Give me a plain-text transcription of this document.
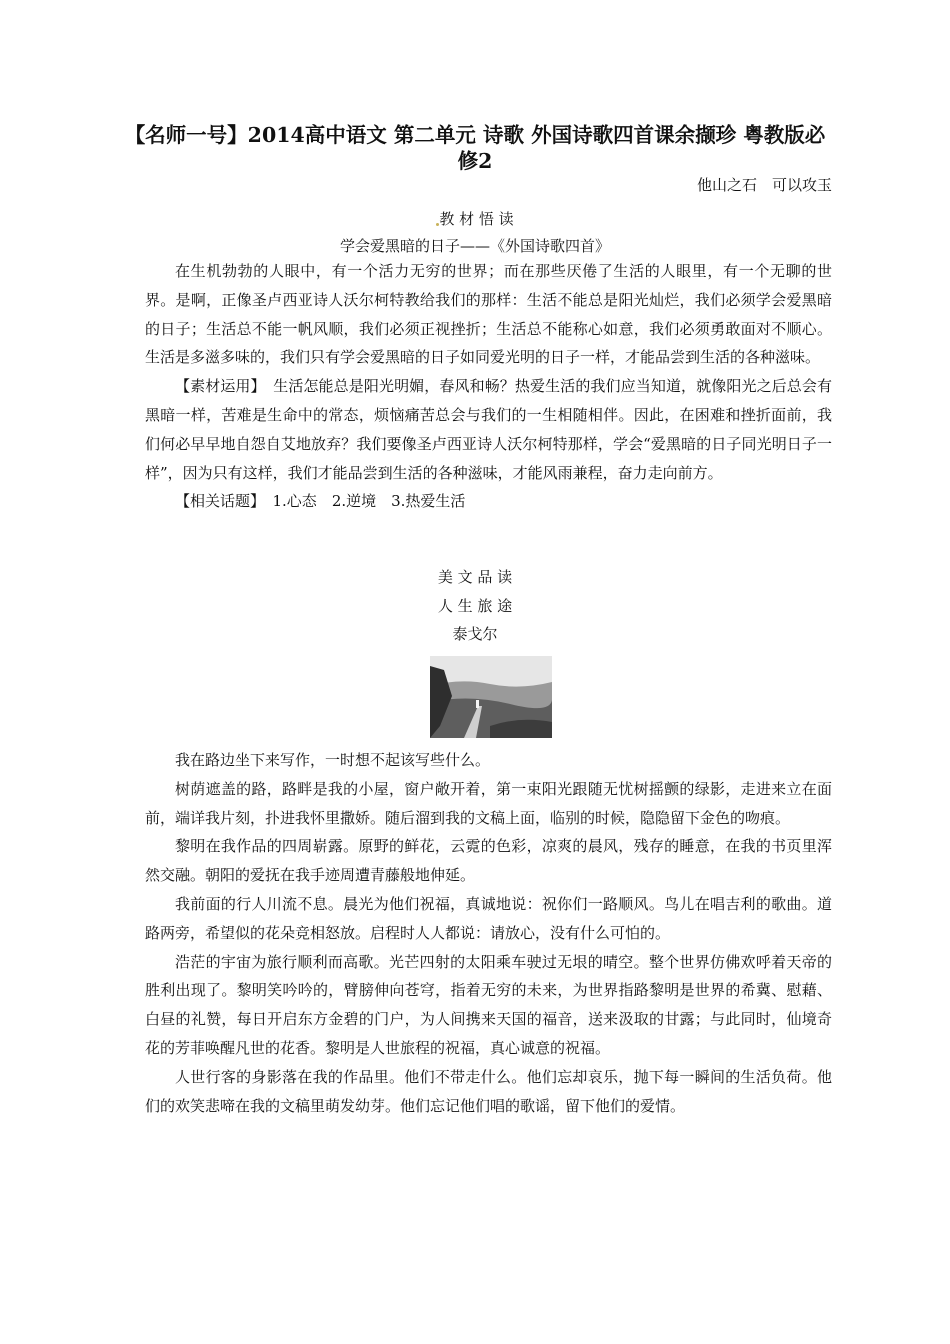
【名师一号】2014高中语文 第二单元 诗歌 外国诗歌四首课余撷珍 粤教版必修2
他山之石　可以攻玉
教 材 悟 读
学会爱黑暗的日子——《外国诗歌四首》

在生机勃勃的人眼中，有一个活力无穷的世界；而在那些厌倦了生活的人眼里，有一个无聊的世界。是啊，正像圣卢西亚诗人沃尔柯特教给我们的那样：生活不能总是阳光灿烂，我们必须学会爱黑暗的日子；生活总不能一帆风顺，我们必须正视挫折；生活总不能称心如意，我们必须勇敢面对不顺心。生活是多滋多味的，我们只有学会爱黑暗的日子如同爱光明的日子一样，才能品尝到生活的各种滋味。

【素材运用】　生活怎能总是阳光明媚，春风和畅？热爱生活的我们应当知道，就像阳光之后总会有黑暗一样，苦难是生命中的常态，烦恼痛苦总会与我们的一生相随相伴。因此，在困难和挫折面前，我们何必早早地自怨自艾地放弃？我们要像圣卢西亚诗人沃尔柯特那样，学会“爱黑暗的日子同光明日子一样”，因为只有这样，我们才能品尝到生活的各种滋味，才能风雨兼程，奋力走向前方。

【相关话题】　1.心态　2.逆境　3.热爱生活

美 文 品 读
人 生 旅 途
泰戈尔

我在路边坐下来写作，一时想不起该写些什么。

树荫遮盖的路，路畔是我的小屋，窗户敞开着，第一束阳光跟随无忧树摇颤的绿影，走进来立在面前，端详我片刻，扑进我怀里撒娇。随后溜到我的文稿上面，临别的时候，隐隐留下金色的吻痕。

黎明在我作品的四周崭露。原野的鲜花，云霓的色彩，凉爽的晨风，残存的睡意，在我的书页里浑然交融。朝阳的爱抚在我手迹周遭青藤般地伸延。

我前面的行人川流不息。晨光为他们祝福，真诚地说：祝你们一路顺风。鸟儿在唱吉利的歌曲。道路两旁，希望似的花朵竞相怒放。启程时人人都说：请放心，没有什么可怕的。

浩茫的宇宙为旅行顺利而高歌。光芒四射的太阳乘车驶过无垠的晴空。整个世界仿佛欢呼着天帝的胜利出现了。黎明笑吟吟的，臂膀伸向苍穹，指着无穷的未来，为世界指路黎明是世界的希冀、慰藉、白昼的礼赞，每日开启东方金碧的门户，为人间携来天国的福音，送来汲取的甘露；与此同时，仙境奇花的芳菲唤醒凡世的花香。黎明是人世旅程的祝福，真心诚意的祝福。

人世行客的身影落在我的作品里。他们不带走什么。他们忘却哀乐，抛下每一瞬间的生活负荷。他们的欢笑悲啼在我的文稿里萌发幼芽。他们忘记他们唱的歌谣，留下他们的爱情。
